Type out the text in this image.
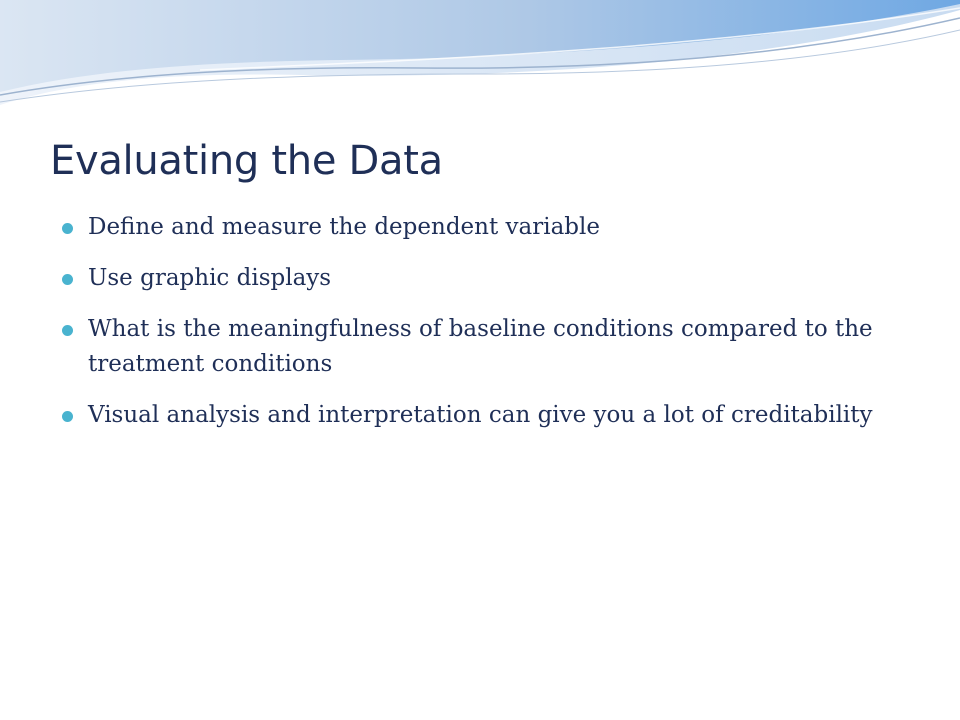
Evaluating the Data
Define and measure the dependent variable
Use graphic displays
What is the meaningfulness of baseline conditions compared to the treatment conditions
Visual analysis and interpretation can give you a lot of creditability
